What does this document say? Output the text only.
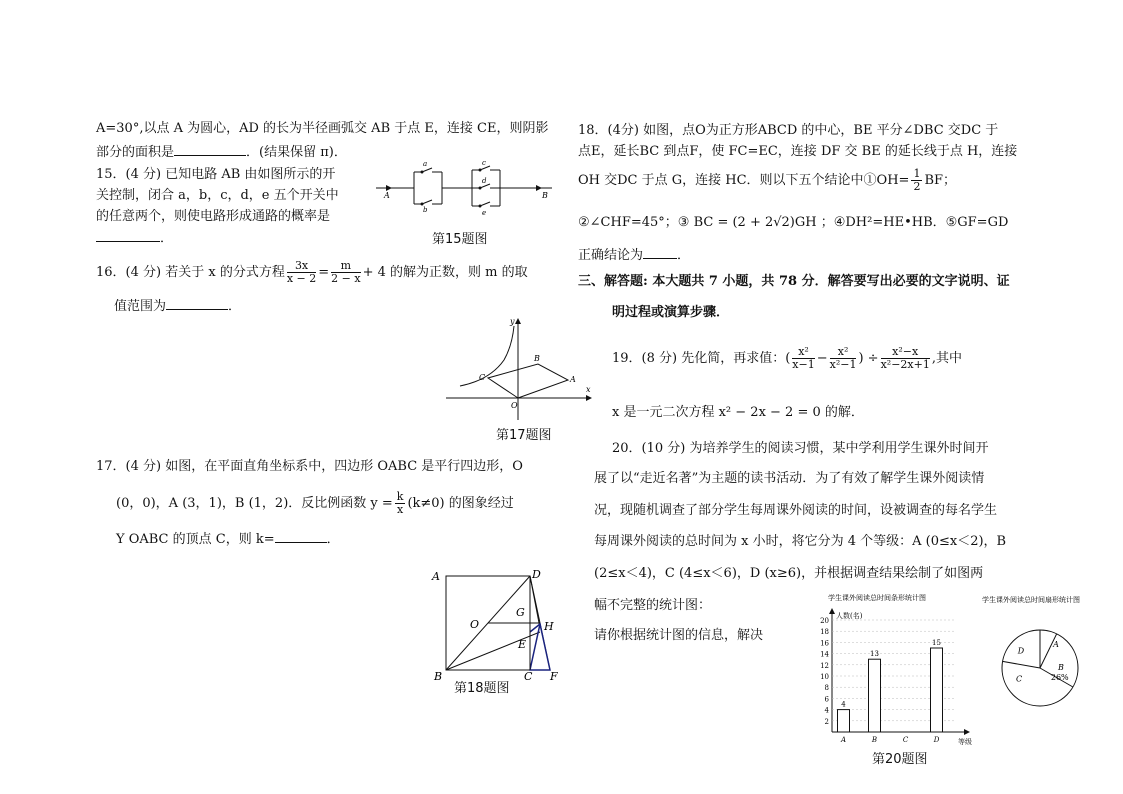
A=30°,以点 A 为圆心，AD 的长为半径画弧交 AB 于点 E，连接 CE，则阴影
部分的面积是	．(结果保留 π)．
15．(4 分) 已知电路 AB 由如图所示的开
关控制，闭合 a，b，c，d，e 五个开关中
的任意两个，则使电路形成通路的概率是
．
A
a
b
c
d
e
B
第15题图
16．(4 分) 若关于 x 的分式方程 $\frac{3x}{x - 2} = \frac{m}{2 - x} + 4$ 的解为正数，则 m 的取
值范围为	．
x
y
O
A
B
C
第17题图
17．(4 分) 如图，在平面直角坐标系中，四边形 OABC 是平行四边形，O
(0，0)，A (3，1)，B (1，2)．反比例函数 $y = \frac{k}{x} (k\ne 0)$ 的图象经过
Y OABC 的顶点 C，则 k=	．
A	D
O
G
H
E
B	C F
第18题图
18．(4分) 如图，点O为正方形ABCD 的中心，BE 平分∠DBC 交DC 于
点E，延长BC 到点F，使 FC=EC，连接 DF 交 BE 的延长线于点 H，连接
OH 交DC 于点 G，连接 HC．则以下五个结论中①OH= $\frac{1}{2}$ BF；
②∠CHF=45°；③ BC = (2 + 2√2)GH ；④DH²=HE•HB．⑤GF=GD
正确结论为	．
三、解答题: 本大题共 7 小题，共 78 分．解答要写出必要的文字说明、证
明过程或演算步骤．
19．(8 分) 先化简，再求值：( $\frac{\text{x²}}{x-1} - \frac{\text{x²}}{\text{x²−1}}$ ) ÷ $\frac{\text{x²−x}}{\text{x²−2x+1}}$ ,其中
x 是一元二次方程 x² − 2x − 2 = 0 的解．
20．(10 分) 为培养学生的阅读习惯，某中学利用学生课外时间开
展了以“走近名著”为主题的读书活动．为了有效了解学生课外阅读情
况，现随机调查了部分学生每周课外阅读的时间，设被调查的每名学生
每周课外阅读的总时间为 x 小时，将它分为 4 个等级：A (0≤x＜2)，B
(2≤x＜4)，C (4≤x＜6)，D (x≥6)，并根据调查结果绘制了如图两
幅不完整的统计图：
请你根据统计图的信息，解决
学生课外阅读总时间条形统计图
人数(名)
2
4
6
8
10
12
14
16
18
20
4
A
13
B	C
15
D	等级
学生课外阅读总时间扇形统计图
A
B
C
D
26%
第20题图
